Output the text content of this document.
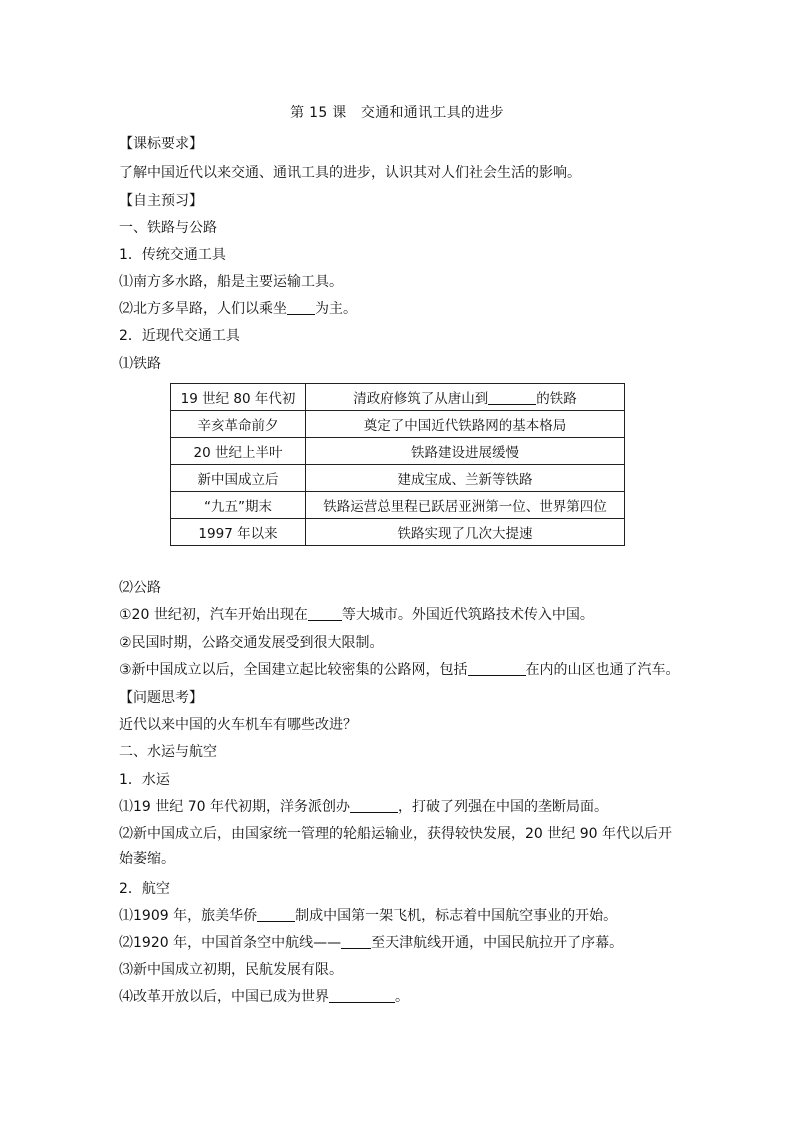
第 15 课　交通和通讯工具的进步
【课标要求】
了解中国近代以来交通、通讯工具的进步，认识其对人们社会生活的影响。
【自主预习】
一、铁路与公路
1．传统交通工具
⑴南方多水路，船是主要运输工具。
⑵北方多旱路，人们以乘坐 为主。
2．近现代交通工具
⑴铁路
19 世纪 80 年代初	清政府修筑了从唐山到 的铁路
辛亥革命前夕	奠定了中国近代铁路网的基本格局
20 世纪上半叶	铁路建设进展缓慢
新中国成立后	建成宝成、兰新等铁路
“九五”期末	铁路运营总里程已跃居亚洲第一位、世界第四位
1997 年以来	铁路实现了几次大提速
⑵公路
①20 世纪初，汽车开始出现在 等大城市。外国近代筑路技术传入中国。
②民国时期，公路交通发展受到很大限制。
③新中国成立以后，全国建立起比较密集的公路网，包括	在内的山区也通了汽车。
【问题思考】
近代以来中国的火车机车有哪些改进？
二、水运与航空
1．水运
⑴19 世纪 70 年代初期，洋务派创办	，打破了列强在中国的垄断局面。
⑵新中国成立后，由国家统一管理的轮船运输业，获得较快发展，20 世纪 90 年代以后开始萎缩。
2．航空
⑴1909 年，旅美华侨	制成中国第一架飞机，标志着中国航空事业的开始。
⑵1920 年，中国首条空中航线—— 至天津航线开通，中国民航拉开了序幕。
⑶新中国成立初期，民航发展有限。
⑷改革开放以后，中国已成为世界	。
